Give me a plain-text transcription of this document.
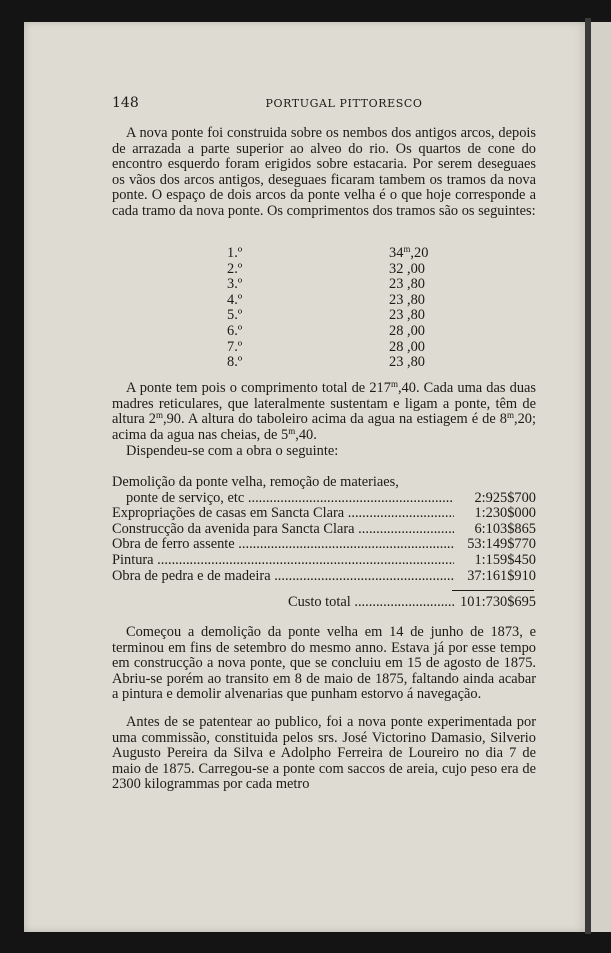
148	PORTUGAL PITTORESCO

A nova ponte foi construida sobre os nembos dos antigos arcos, depois de arrazada a parte superior ao alveo do rio. Os quartos de cone do encontro esquerdo foram erigidos sobre estacaria. Por serem deseguaes os vãos dos arcos antigos, deseguaes ficaram tambem os tramos da nova ponte. O espaço de dois arcos da ponte velha é o que hoje corresponde a cada tramo da nova ponte. Os comprimentos dos tramos são os seguintes:

1.º	34$^m$,20
2.º	32 ,00
3.º	23 ,80
4.º	23 ,80
5.º	23 ,80
6.º	28 ,00
7.º	28 ,00
8.º	23 ,80

A ponte tem pois o comprimento total de 217$^m$,40. Cada uma das duas madres reticulares, que lateralmente sustentam e ligam a ponte, têm de altura 2$^m$,90. A altura do taboleiro acima da agua na estiagem é de 8$^m$,20; acima da agua nas cheias, de 5$^m$,40.

Dispendeu-se com a obra o seguinte:

Demolição da ponte velha, remoção de materiaes,
ponte de serviço, etc .....	2:925$700
Expropriações de casas em Sancta Clara .....	1:230$000
Construcção da avenida para Sancta Clara .....	6:103$865
Obra de ferro assente .....	53:149$770
Pintura .....	1:159$450
Obra de pedra e de madeira .....	37:161$910
Custo total .....	101:730$695

Começou a demolição da ponte velha em 14 de junho de 1873, e terminou em fins de setembro do mesmo anno. Estava já por esse tempo em construcção a nova ponte, que se concluiu em 15 de agosto de 1875. Abriu-se porém ao transito em 8 de maio de 1875, faltando ainda acabar a pintura e demolir alvenarias que punham estorvo á navegação.

Antes de se patentear ao publico, foi a nova ponte experimentada por uma commissão, constituida pelos srs. José Victorino Damasio, Silverio Augusto Pereira da Silva e Adolpho Ferreira de Loureiro no dia 7 de maio de 1875. Carregou-se a ponte com saccos de areia, cujo peso era de 2300 kilogrammas por cada metro
